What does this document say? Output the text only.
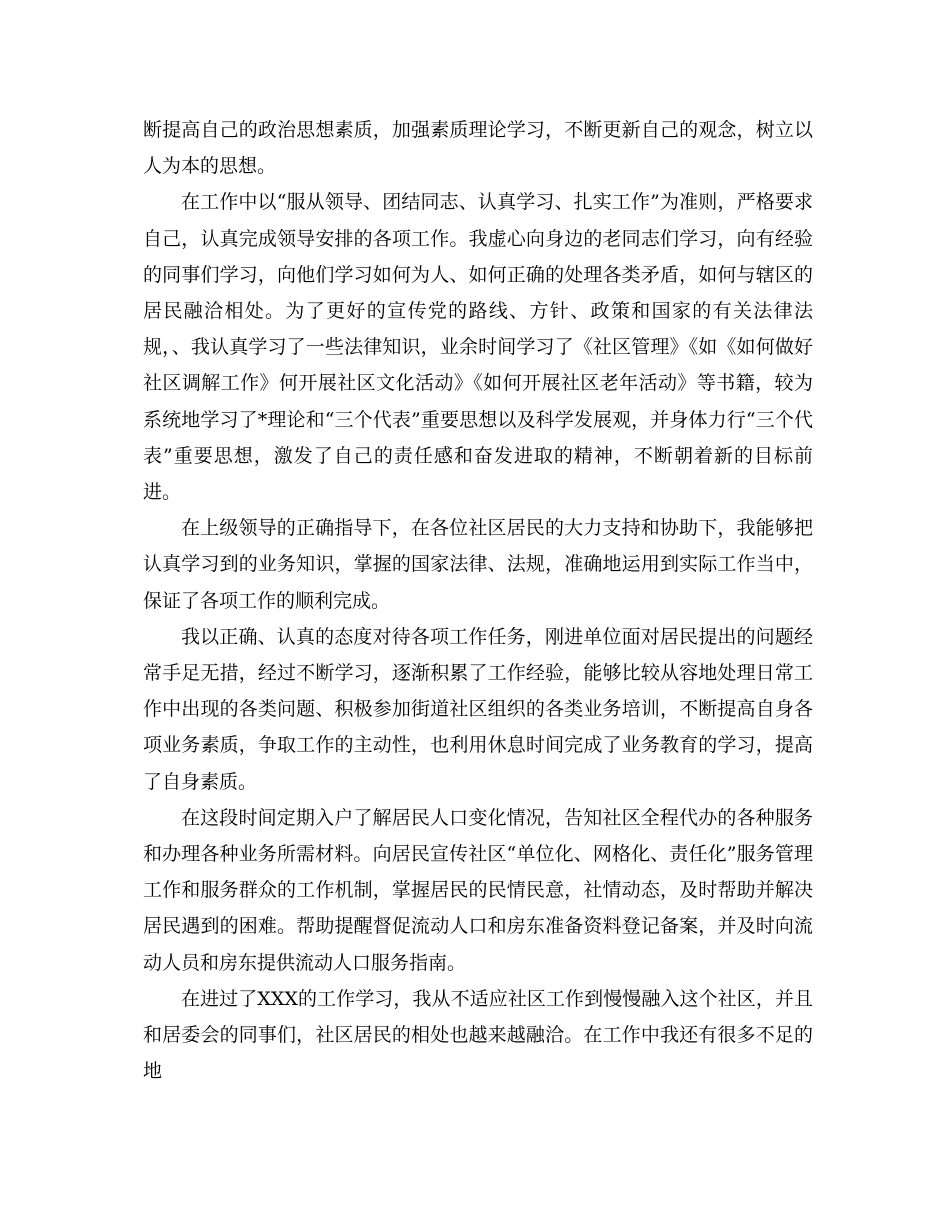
断提高自己的政治思想素质，加强素质理论学习，不断更新自己的观念，树立以人为本的思想。

在工作中以“服从领导、团结同志、认真学习、扎实工作”为准则，严格要求自己，认真完成领导安排的各项工作。我虚心向身边的老同志们学习，向有经验的同事们学习，向他们学习如何为人、如何正确的处理各类矛盾，如何与辖区的居民融洽相处。为了更好的宣传党的路线、方针、政策和国家的有关法律法规，、我认真学习了一些法律知识，业余时间学习了《社区管理》《如《如何做好社区调解工作》何开展社区文化活动》《如何开展社区老年活动》等书籍，较为系统地学习了*理论和“三个代表”重要思想以及科学发展观，并身体力行“三个代表”重要思想，激发了自己的责任感和奋发进取的精神，不断朝着新的目标前进。

在上级领导的正确指导下，在各位社区居民的大力支持和协助下，我能够把认真学习到的业务知识，掌握的国家法律、法规，准确地运用到实际工作当中，保证了各项工作的顺利完成。

我以正确、认真的态度对待各项工作任务，刚进单位面对居民提出的问题经常手足无措，经过不断学习，逐渐积累了工作经验，能够比较从容地处理日常工作中出现的各类问题、积极参加街道社区组织的各类业务培训，不断提高自身各项业务素质，争取工作的主动性，也利用休息时间完成了业务教育的学习，提高了自身素质。

在这段时间定期入户了解居民人口变化情况，告知社区全程代办的各种服务和办理各种业务所需材料。向居民宣传社区“单位化、网格化、责任化”服务管理工作和服务群众的工作机制，掌握居民的民情民意，社情动态，及时帮助并解决居民遇到的困难。帮助提醒督促流动人口和房东准备资料登记备案，并及时向流动人员和房东提供流动人口服务指南。

在进过了XXX的工作学习，我从不适应社区工作到慢慢融入这个社区，并且和居委会的同事们，社区居民的相处也越来越融洽。在工作中我还有很多不足的地
